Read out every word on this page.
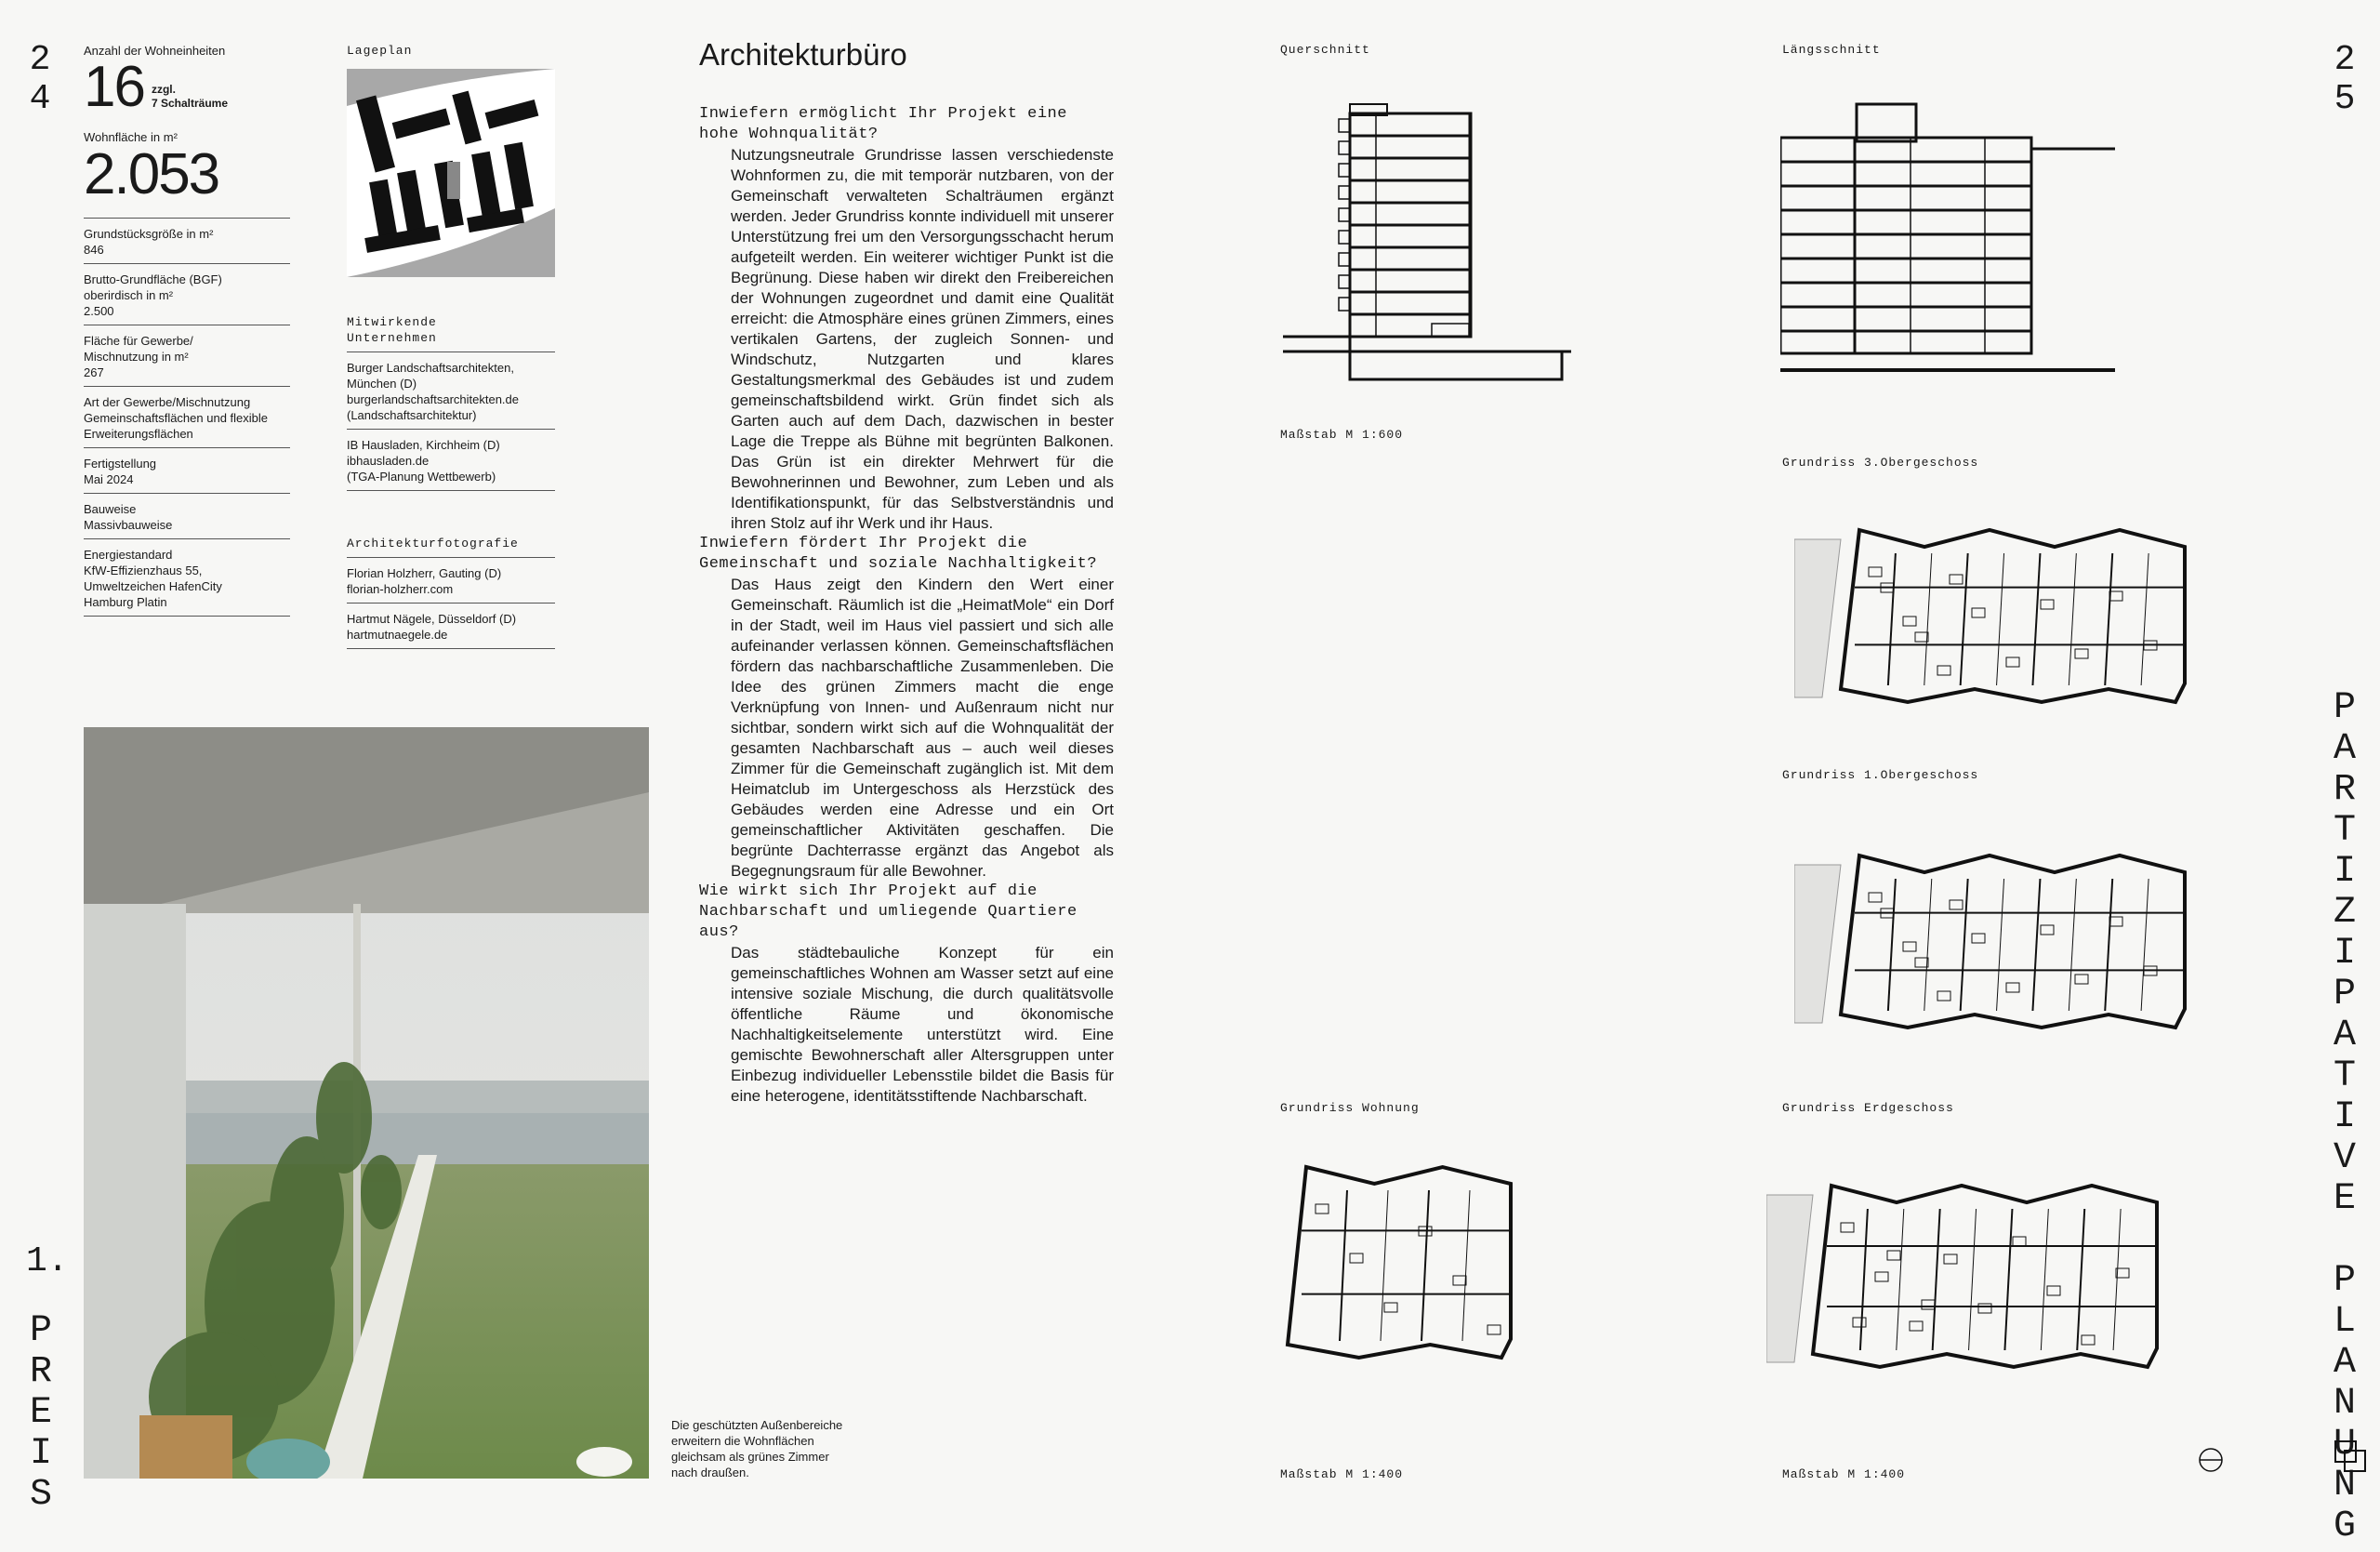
2
4
2
5
1.
P
R
E
I
S
P
A
R
T
I
Z
I
P
A
T
I
V
E

P
L
A
N
U
N
G
Anzahl der Wohneinheiten
16 zzgl.
7 Schalträume
Wohnfläche in m²
2.053
Grundstücksgröße in m²
846
Brutto-Grundfläche (BGF)
oberirdisch in m²
2.500
Fläche für Gewerbe/
Mischnutzung in m²
267
Art der Gewerbe/Mischnutzung
Gemeinschaftsflächen und flexible
Erweiterungsflächen
Fertigstellung
Mai 2024
Bauweise
Massivbauweise
Energiestandard
KfW-Effizienzhaus 55,
Umweltzeichen HafenCity
Hamburg Platin
Lageplan
Mitwirkende
Unternehmen
Burger Landschaftsarchitekten,
München (D)
burgerlandschaftsarchitekten.de
(Landschaftsarchitektur)
IB Hausladen, Kirchheim (D)
ibhausladen.de
(TGA-Planung Wettbewerb)
Architekturfotografie
Florian Holzherr, Gauting (D)
florian-holzherr.com
Hartmut Nägele, Düsseldorf (D)
hartmutnaegele.de
Die geschützten Außenbereiche
erweitern die Wohnflächen
gleichsam als grünes Zimmer
nach draußen.
Architekturbüro
Inwiefern ermöglicht Ihr Projekt eine hohe Wohnqualität?
Nutzungsneutrale Grundrisse lassen verschiedenste Wohnformen zu, die mit temporär nutzbaren, von der Gemeinschaft verwalteten Schalträumen ergänzt werden. Jeder Grundriss konnte individuell mit unserer Unterstützung frei um den Versorgungsschacht herum aufgeteilt werden. Ein weiterer wichtiger Punkt ist die Begrünung. Diese haben wir direkt den Freibereichen der Wohnungen zugeordnet und damit eine Qualität erreicht: die Atmosphäre eines grünen Zimmers, eines vertikalen Gartens, der zugleich Sonnen- und Windschutz, Nutzgarten und klares Gestaltungsmerkmal des Gebäudes ist und zudem gemeinschaftsbildend wirkt. Grün findet sich als Garten auch auf dem Dach, dazwischen in bester Lage die Treppe als Bühne mit begrünten Balkonen. Das Grün ist ein direkter Mehrwert für die Bewohnerinnen und Bewohner, zum Leben und als Identifikationspunkt, für das Selbstverständnis und ihren Stolz auf ihr Werk und ihr Haus.
Inwiefern fördert Ihr Projekt die Gemeinschaft und soziale Nachhaltigkeit?
Das Haus zeigt den Kindern den Wert einer Gemeinschaft. Räumlich ist die „HeimatMole“ ein Dorf in der Stadt, weil im Haus viel passiert und sich alle aufeinander verlassen können. Gemeinschaftsflächen fördern das nachbarschaftliche Zusammenleben. Die Idee des grünen Zimmers macht die enge Verknüpfung von Innen- und Außenraum nicht nur sichtbar, sondern wirkt sich auf die Wohnqualität der gesamten Nachbarschaft aus – auch weil dieses Zimmer für die Gemeinschaft zugänglich ist. Mit dem Heimatclub im Untergeschoss als Herzstück des Gebäudes werden eine Adresse und ein Ort gemeinschaftlicher Aktivitäten geschaffen. Die begrünte Dachterrasse ergänzt das Angebot als Begegnungsraum für alle Bewohner.
Wie wirkt sich Ihr Projekt auf die Nachbarschaft und umliegende Quartiere aus?
Das städtebauliche Konzept für ein gemeinschaftliches Wohnen am Wasser setzt auf eine intensive soziale Mischung, die durch qualitätsvolle öffentliche Räume und ökonomische Nachhaltigkeitselemente unterstützt wird. Eine gemischte Bewohnerschaft aller Altersgruppen unter Einbezug individueller Lebensstile bildet die Basis für eine heterogene, identitätsstiftende Nachbarschaft.
Querschnitt	Längsschnitt
Maßstab M 1:600
Grundriss 3.Obergeschoss
Grundriss 1.Obergeschoss
Grundriss Wohnung	Grundriss Erdgeschoss
Maßstab M 1:400	Maßstab M 1:400
